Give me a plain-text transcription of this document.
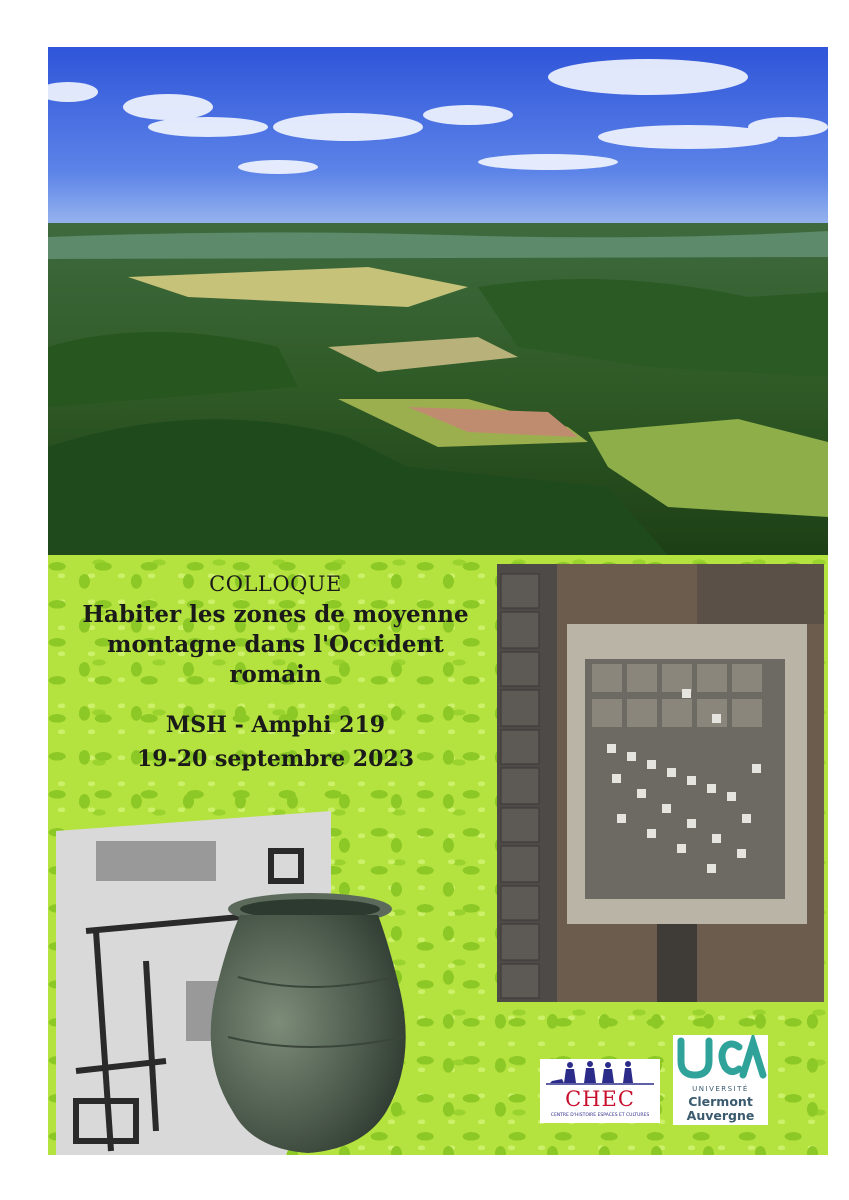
COLLOQUE
Habiter les zones de moyenne
montagne dans l'Occident
romain
MSH - Amphi 219
19-20 septembre 2023
CHEC
CENTRE D'HISTOIRE ESPACES ET CULTURES
UNIVERSITÉ
Clermont
Auvergne
